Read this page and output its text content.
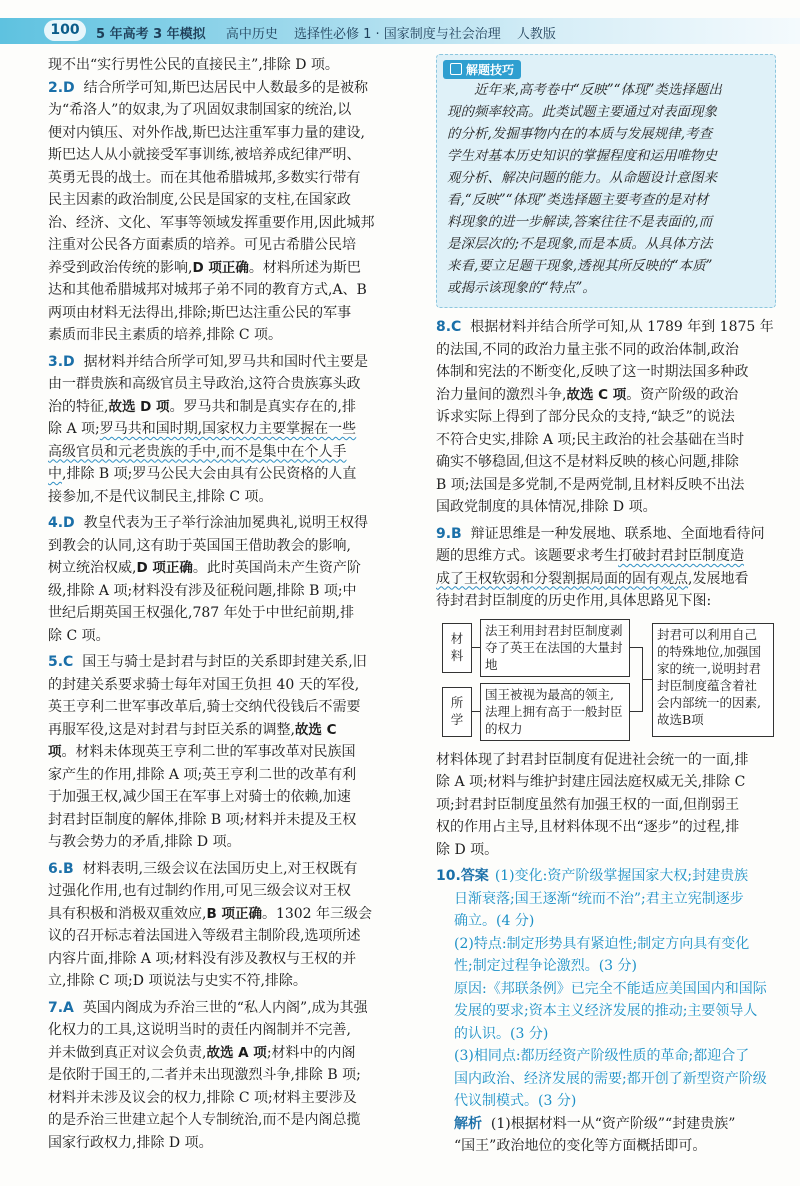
100	5 年高考 3 年模拟 高中历史 选择性必修 1 · 国家制度与社会治理 人教版

现不出“实行男性公民的直接民主”,排除 D 项。

2.D 结合所学可知,斯巴达居民中人数最多的是被称

为“希洛人”的奴隶,为了巩固奴隶制国家的统治,以

便对内镇压、对外作战,斯巴达注重军事力量的建设,

斯巴达人从小就接受军事训练,被培养成纪律严明、

英勇无畏的战士。而在其他希腊城邦,多数实行带有

民主因素的政治制度,公民是国家的支柱,在国家政

治、经济、文化、军事等领域发挥重要作用,因此城邦

注重对公民各方面素质的培养。可见古希腊公民培

养受到政治传统的影响,D 项正确。材料所述为斯巴

达和其他希腊城邦对城邦子弟不同的教育方式,A、B

两项由材料无法得出,排除;斯巴达注重公民的军事

素质而非民主素质的培养,排除 C 项。

3.D 据材料并结合所学可知,罗马共和国时代主要是

由一群贵族和高级官员主导政治,这符合贵族寡头政

治的特征,故选 D 项。罗马共和制是真实存在的,排

除 A 项;罗马共和国时期,国家权力主要掌握在一些

高级官员和元老贵族的手中,而不是集中在个人手

中,排除 B 项;罗马公民大会由具有公民资格的人直

接参加,不是代议制民主,排除 C 项。

4.D 教皇代表为王子举行涂油加冕典礼,说明王权得

到教会的认同,这有助于英国国王借助教会的影响,

树立统治权威,D 项正确。此时英国尚未产生资产阶

级,排除 A 项;材料没有涉及征税问题,排除 B 项;中

世纪后期英国王权强化,787 年处于中世纪前期,排

除 C 项。

5.C 国王与骑士是封君与封臣的关系即封建关系,旧

的封建关系要求骑士每年对国王负担 40 天的军役,

英王亨利二世军事改革后,骑士交纳代役钱后不需要

再服军役,这是对封君与封臣关系的调整,故选 C

项。材料未体现英王亨利二世的军事改革对民族国

家产生的作用,排除 A 项;英王亨利二世的改革有利

于加强王权,减少国王在军事上对骑士的依赖,加速

封君封臣制度的解体,排除 B 项;材料并未提及王权

与教会势力的矛盾,排除 D 项。

6.B 材料表明,三级会议在法国历史上,对王权既有

过强化作用,也有过制约作用,可见三级会议对王权

具有积极和消极双重效应,B 项正确。1302 年三级会

议的召开标志着法国进入等级君主制阶段,选项所述

内容片面,排除 A 项;材料没有涉及教权与王权的并

立,排除 C 项;D 项说法与史实不符,排除。

7.A 英国内阁成为乔治三世的“私人内阁”,成为其强

化权力的工具,这说明当时的责任内阁制并不完善,

并未做到真正对议会负责,故选 A 项;材料中的内阁

是依附于国王的,二者并未出现激烈斗争,排除 B 项;

材料并未涉及议会的权力,排除 C 项;材料主要涉及

的是乔治三世建立起个人专制统治,而不是内阁总揽

国家行政权力,排除 D 项。

解题技巧

近年来,高考卷中“反映”“体现”类选择题出

现的频率较高。此类试题主要通过对表面现象

的分析,发掘事物内在的本质与发展规律,考查

学生对基本历史知识的掌握程度和运用唯物史

观分析、解决问题的能力。从命题设计意图来

看,“反映”“体现”类选择题主要考查的是对材

料现象的进一步解读,答案往往不是表面的,而

是深层次的;不是现象,而是本质。从具体方法

来看,要立足题干现象,透视其所反映的“本质”

或揭示该现象的“特点”。

8.C 根据材料并结合所学可知,从 1789 年到 1875 年

的法国,不同的政治力量主张不同的政治体制,政治

体制和宪法的不断变化,反映了这一时期法国多种政

治力量间的激烈斗争,故选 C 项。资产阶级的政治

诉求实际上得到了部分民众的支持,“缺乏”的说法

不符合史实,排除 A 项;民主政治的社会基础在当时

确实不够稳固,但这不是材料反映的核心问题,排除

B 项;法国是多党制,不是两党制,且材料反映不出法

国政党制度的具体情况,排除 D 项。

9.B 辩证思维是一种发展地、联系地、全面地看待问

题的思维方式。该题要求考生打破封君封臣制度造

成了王权软弱和分裂割据局面的固有观点,发展地看

待封君封臣制度的历史作用,具体思路见下图:

材料
所学
法王利用封君封臣制度剥夺了英王在法国的大量封地
国王被视为最高的领主,法理上拥有高于一般封臣的权力
封君可以利用自己的特殊地位,加强国家的统一,说明封君封臣制度蕴含着社会内部统一的因素,故选B项

材料体现了封君封臣制度有促进社会统一的一面,排

除 A 项;材料与维护封建庄园法庭权威无关,排除 C

项;封君封臣制度虽然有加强王权的一面,但削弱王

权的作用占主导,且材料体现不出“逐步”的过程,排

除 D 项。

10.答案 (1)变化:资产阶级掌握国家大权;封建贵族

日渐衰落;国王逐渐“统而不治”;君主立宪制逐步

确立。(4 分)

(2)特点:制定形势具有紧迫性;制定方向具有变化

性;制定过程争论激烈。(3 分)

原因:《邦联条例》已完全不能适应美国国内和国际

发展的要求;资本主义经济发展的推动;主要领导人

的认识。(3 分)

(3)相同点:都历经资产阶级性质的革命;都迎合了

国内政治、经济发展的需要;都开创了新型资产阶级

代议制模式。(3 分)

解析 (1)根据材料一从“资产阶级”“封建贵族”

“国王”政治地位的变化等方面概括即可。
